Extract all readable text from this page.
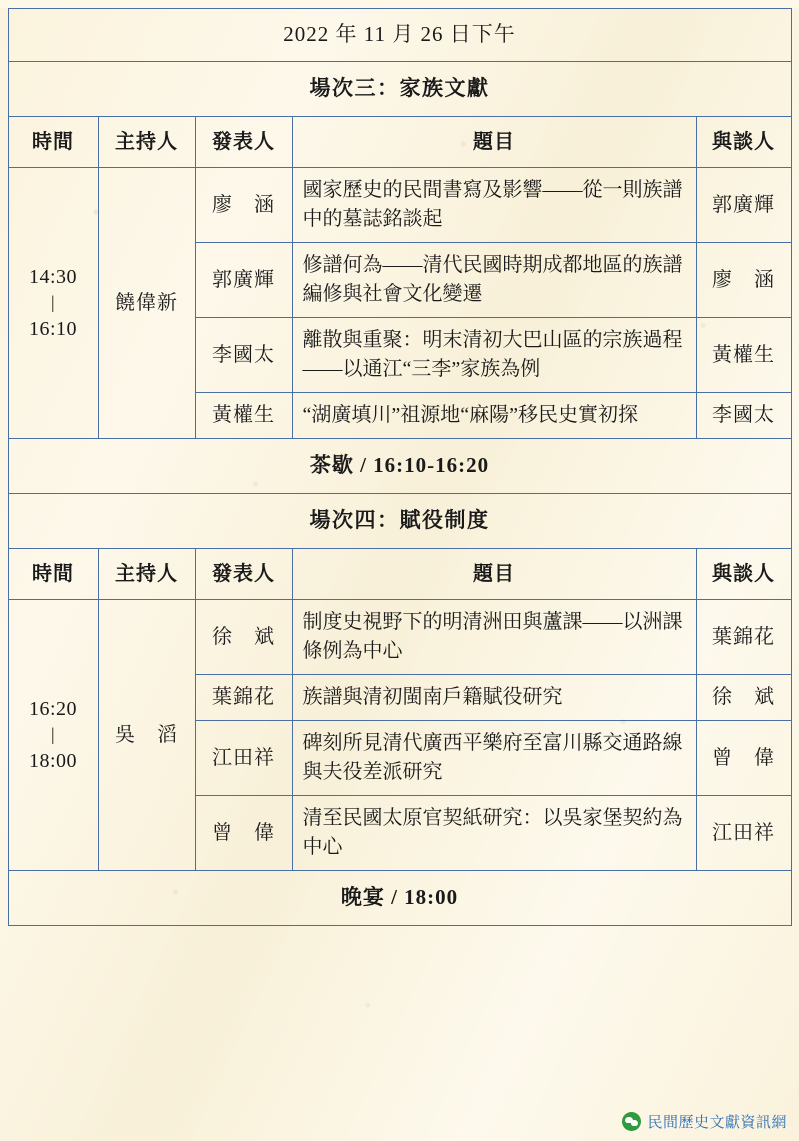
2022 年 11 月 26 日下午				

場次三：家族文獻				

時間	主持人	發表人	題目	與談人

14:30
|
16:10	饒偉新	廖　涵	國家歷史的民間書寫及影響——從一則族譜中的墓誌銘談起	郭廣輝

		郭廣輝	修譜何為——清代民國時期成都地區的族譜編修與社會文化變遷	廖　涵

		李國太	離散與重聚：明末清初大巴山區的宗族過程——以通江“三李”家族為例	黃權生

		黃權生	“湖廣填川”祖源地“麻陽”移民史實初探	李國太

茶歇 / 16:10-16:20				

場次四：賦役制度				

時間	主持人	發表人	題目	與談人

16:20
|
18:00	吳　滔	徐　斌	制度史視野下的明清洲田與蘆課——以洲課條例為中心	葉錦花

		葉錦花	族譜與清初閩南戶籍賦役研究	徐　斌

		江田祥	碑刻所見清代廣西平樂府至富川縣交通路線與夫役差派研究	曾　偉

		曾　偉	清至民國太原官契紙研究：以吳家堡契約為中心	江田祥

晚宴 / 18:00				
民間歷史文獻資訊網
